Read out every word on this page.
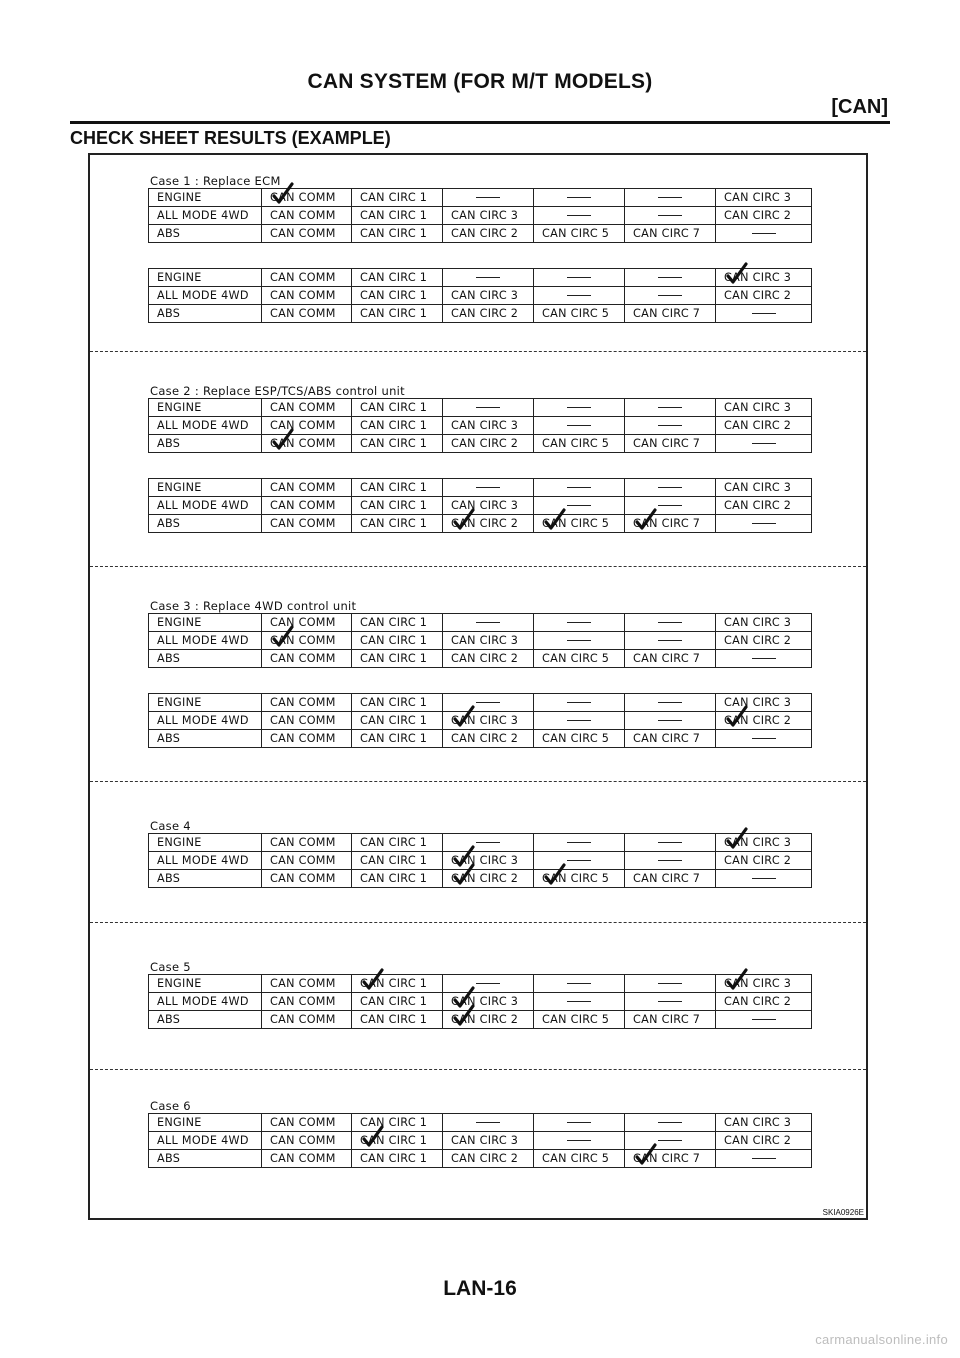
CAN SYSTEM (FOR M/T MODELS)
[CAN]
CHECK SHEET RESULTS (EXAMPLE)
Case 1 : Replace ECM
Case 2 : Replace ESP/TCS/ABS control unit
Case 3 : Replace 4WD control unit
Case 4
Case 5
Case 6
ENGINE	CAN COMM	CAN CIRC 1				CAN CIRC 3
ALL MODE 4WD	CAN COMM	CAN CIRC 1	CAN CIRC 3			CAN CIRC 2
ABS	CAN COMM	CAN CIRC 1	CAN CIRC 2	CAN CIRC 5	CAN CIRC 7	
ENGINE	CAN COMM	CAN CIRC 1				CAN CIRC 3

ALL MODE 4WD	CAN COMM	CAN CIRC 1	CAN CIRC 3			CAN CIRC 2
ABS	CAN COMM	CAN CIRC 1	CAN CIRC 2	CAN CIRC 5	CAN CIRC 7	
ENGINE	CAN COMM	CAN CIRC 1				CAN CIRC 3
ALL MODE 4WD	CAN COMM	CAN CIRC 1	CAN CIRC 3			CAN CIRC 2
ABS	CAN COMM	CAN CIRC 1	CAN CIRC 2	CAN CIRC 5	CAN CIRC 7	
ENGINE	CAN COMM	CAN CIRC 1				CAN CIRC 3
ALL MODE 4WD	CAN COMM	CAN CIRC 1	CAN CIRC 3			CAN CIRC 2
ABS	CAN COMM	CAN CIRC 1	CAN CIRC 2	CAN CIRC 5	CAN CIRC 7

ENGINE	CAN COMM	CAN CIRC 1				CAN CIRC 3
ALL MODE 4WD	CAN COMM	CAN CIRC 1	CAN CIRC 3			CAN CIRC 2
ABS	CAN COMM	CAN CIRC 1	CAN CIRC 2	CAN CIRC 5	CAN CIRC 7	
ENGINE	CAN COMM	CAN CIRC 1				CAN CIRC 3
ALL MODE 4WD	CAN COMM	CAN CIRC 1	CAN CIRC 3			CAN CIRC 2

ABS	CAN COMM	CAN CIRC 1	CAN CIRC 2	CAN CIRC 5	CAN CIRC 7	
ENGINE	CAN COMM	CAN CIRC 1				CAN CIRC 3

ALL MODE 4WD	CAN COMM	CAN CIRC 1	CAN CIRC 3			CAN CIRC 2
ABS	CAN COMM	CAN CIRC 1	CAN CIRC 2	CAN CIRC 5	CAN CIRC 7	
ENGINE	CAN COMM	CAN CIRC 1				CAN CIRC 3

ALL MODE 4WD	CAN COMM	CAN CIRC 1	CAN CIRC 3			CAN CIRC 2
ABS	CAN COMM	CAN CIRC 1	CAN CIRC 2	CAN CIRC 5	CAN CIRC 7	
ENGINE	CAN COMM	CAN CIRC 1				CAN CIRC 3
ALL MODE 4WD	CAN COMM	CAN CIRC 1	CAN CIRC 3			CAN CIRC 2
ABS	CAN COMM	CAN CIRC 1	CAN CIRC 2	CAN CIRC 5	CAN CIRC 7

SKIA0926E
LAN-16
carmanualsonline.info
